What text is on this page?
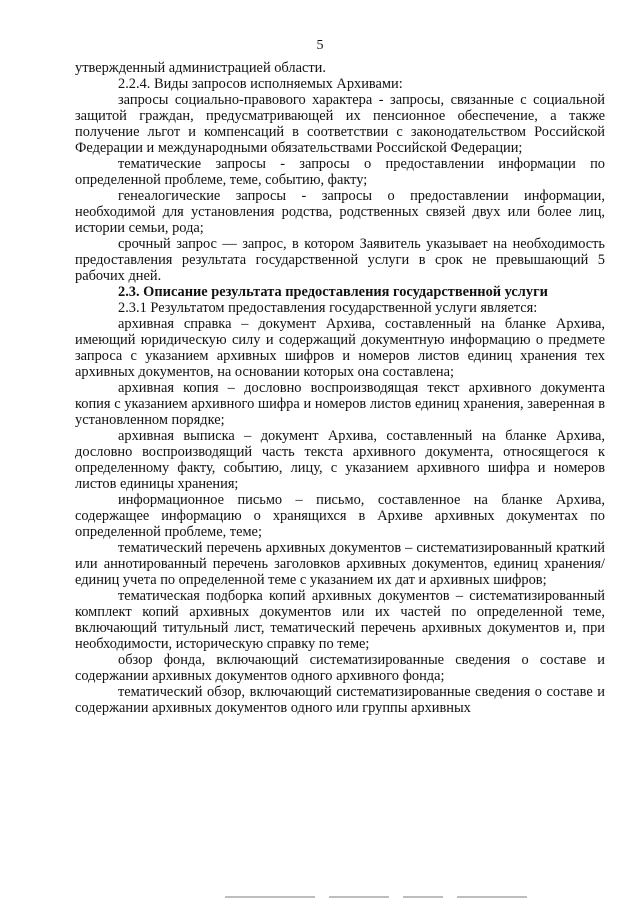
5

утвержденный администрацией области.

2.2.4. Виды запросов исполняемых Архивами:

запросы социально-правового характера - запросы, связанные с социальной защитой граждан, предусматривающей их пенсионное обеспечение, а также получение льгот и компенсаций в соответствии с законодательством Российской Федерации и международными обязательствами Российской Федерации;

тематические запросы - запросы о предоставлении информации по определенной проблеме, теме, событию, факту;

генеалогические запросы - запросы о предоставлении информации, необходимой для установления родства, родственных связей двух или более лиц, истории семьи, рода;

срочный запрос — запрос, в котором Заявитель указывает на необходимость предоставления результата государственной услуги в срок не превышающий 5 рабочих дней.

2.3. Описание результата предоставления государственной услуги

2.3.1 Результатом предоставления государственной услуги является:

архивная справка – документ Архива, составленный на бланке Архива, имеющий юридическую силу и содержащий документную информацию о предмете запроса с указанием архивных шифров и номеров листов единиц хранения тех архивных документов, на основании которых она составлена;

архивная копия – дословно воспроизводящая текст архивного документа копия с указанием архивного шифра и номеров листов единиц хранения, заверенная в установленном порядке;

архивная выписка – документ Архива, составленный на бланке Архива, дословно воспроизводящий часть текста архивного документа, относящегося к определенному факту, событию, лицу, с указанием архивного шифра и номеров листов единицы хранения;

информационное письмо – письмо, составленное на бланке Архива, содержащее информацию о хранящихся в Архиве архивных документах по определенной проблеме, теме;

тематический перечень архивных документов – систематизированный краткий или аннотированный перечень заголовков архивных документов, единиц хранения/единиц учета по определенной теме с указанием их дат и архивных шифров;

тематическая подборка копий архивных документов – систематизированный комплект копий архивных документов или их частей по определенной теме, включающий титульный лист, тематический перечень архивных документов и, при необходимости, историческую справку по теме;

обзор фонда, включающий систематизированные сведения о составе и содержании архивных документов одного архивного фонда;

тематический обзор, включающий систематизированные сведения о составе и содержании архивных документов одного или группы архивных
